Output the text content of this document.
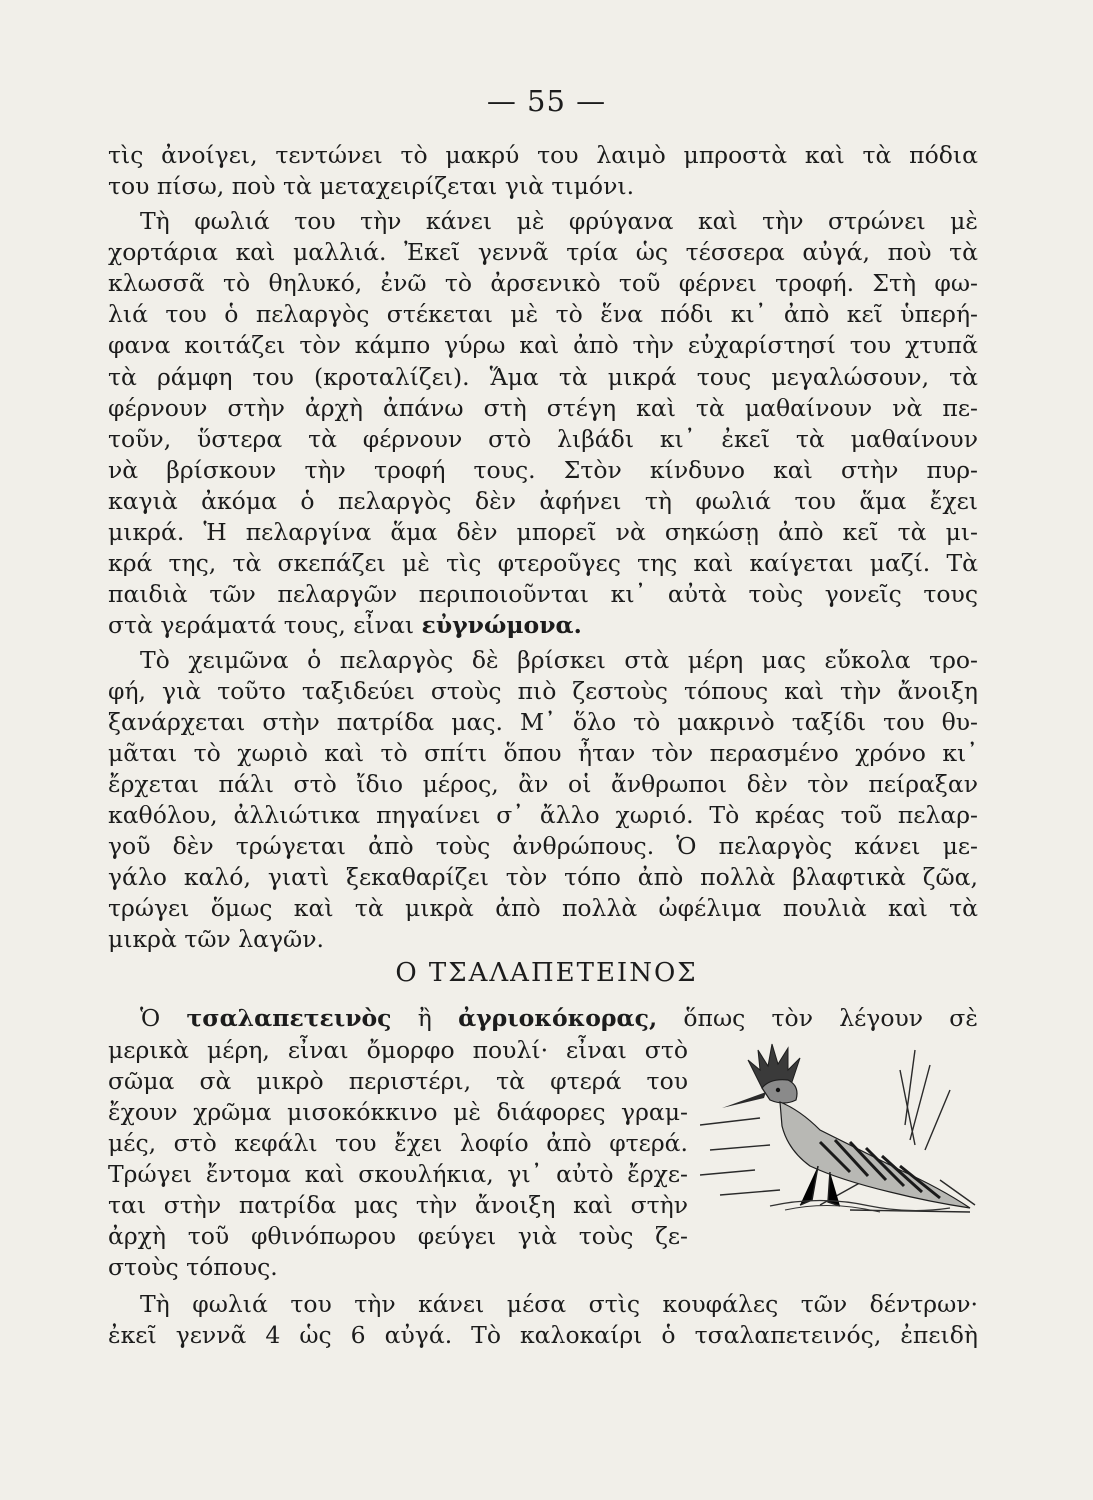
— 55 —
τὶς ἀνοίγει, τεντώνει τὸ μακρύ του λαιμὸ μπροστὰ καὶ τὰ πόδια
του πίσω, ποὺ τὰ μεταχειρίζεται γιὰ τιμόνι.
Τὴ φωλιά του τὴν κάνει μὲ φρύγανα καὶ τὴν στρώνει μὲ
χορτάρια καὶ μαλλιά. Ἐκεῖ γεννᾶ τρία ὡς τέσσερα αὐγά, ποὺ τὰ
κλωσσᾶ τὸ θηλυκό, ἐνῶ τὸ ἀρσενικὸ τοῦ φέρνει τροφή. Στὴ φω-
λιά του ὁ πελαργὸς στέκεται μὲ τὸ ἕνα πόδι κι᾽ ἀπὸ κεῖ ὑπερή-
φανα κοιτάζει τὸν κάμπο γύρω καὶ ἀπὸ τὴν εὐχαρίστησί του χτυπᾶ
τὰ ράμφη του (κροταλίζει). Ἅμα τὰ μικρά τους μεγαλώσουν, τὰ
φέρνουν στὴν ἀρχὴ ἀπάνω στὴ στέγη καὶ τὰ μαθαίνουν νὰ πε-
τοῦν, ὕστερα τὰ φέρνουν στὸ λιβάδι κι᾽ ἐκεῖ τὰ μαθαίνουν
νὰ βρίσκουν τὴν τροφή τους. Στὸν κίνδυνο καὶ στὴν πυρ-
καγιὰ ἀκόμα ὁ πελαργὸς δὲν ἀφήνει τὴ φωλιά του ἅμα ἔχει
μικρά. Ἡ πελαργίνα ἅμα δὲν μπορεῖ νὰ σηκώσῃ ἀπὸ κεῖ τὰ μι-
κρά της, τὰ σκεπάζει μὲ τὶς φτεροῦγες της καὶ καίγεται μαζί. Τὰ
παιδιὰ τῶν πελαργῶν περιποιοῦνται κι᾽ αὐτὰ τοὺς γονεῖς τους
στὰ γεράματά τους, εἶναι εὐγνώμονα.
Τὸ χειμῶνα ὁ πελαργὸς δὲ βρίσκει στὰ μέρη μας εὔκολα τρο-
φή, γιὰ τοῦτο ταξιδεύει στοὺς πιὸ ζεστοὺς τόπους καὶ τὴν ἄνοιξη
ξανάρχεται στὴν πατρίδα μας. Μ᾽ ὅλο τὸ μακρινὸ ταξίδι του θυ-
μᾶται τὸ χωριὸ καὶ τὸ σπίτι ὅπου ἦταν τὸν περασμένο χρόνο κι᾽
ἔρχεται πάλι στὸ ἴδιο μέρος, ἂν οἱ ἄνθρωποι δὲν τὸν πείραξαν
καθόλου, ἀλλιώτικα πηγαίνει σ᾽ ἄλλο χωριό. Τὸ κρέας τοῦ πελαρ-
γοῦ δὲν τρώγεται ἀπὸ τοὺς ἀνθρώπους. Ὁ πελαργὸς κάνει με-
γάλο καλό, γιατὶ ξεκαθαρίζει τὸν τόπο ἀπὸ πολλὰ βλαφτικὰ ζῶα,
τρώγει ὅμως καὶ τὰ μικρὰ ἀπὸ πολλὰ ὠφέλιμα πουλιὰ καὶ τὰ
μικρὰ τῶν λαγῶν.
Ο ΤΣΑΛΑΠΕΤΕΙΝΟΣ
Ὁ τσαλαπετεινὸς ἢ ἀγριοκόκορας, ὅπως τὸν λέγουν σὲ
μερικὰ μέρη, εἶναι ὄμορφο πουλί· εἶναι στὸ
σῶμα σὰ μικρὸ περιστέρι, τὰ φτερά του
ἔχουν χρῶμα μισοκόκκινο μὲ διάφορες γραμ-
μές, στὸ κεφάλι του ἔχει λοφίο ἀπὸ φτερά.
Τρώγει ἔντομα καὶ σκουλήκια, γι᾽ αὐτὸ ἔρχε-
ται στὴν πατρίδα μας τὴν ἄνοιξη καὶ στὴν
ἀρχὴ τοῦ φθινόπωρου φεύγει γιὰ τοὺς ζε-
στοὺς τόπους.
Τὴ φωλιά του τὴν κάνει μέσα στὶς κουφάλες τῶν δέντρων·
ἐκεῖ γεννᾶ 4 ὡς 6 αὐγά. Τὸ καλοκαίρι ὁ τσαλαπετεινός, ἐπειδὴ
